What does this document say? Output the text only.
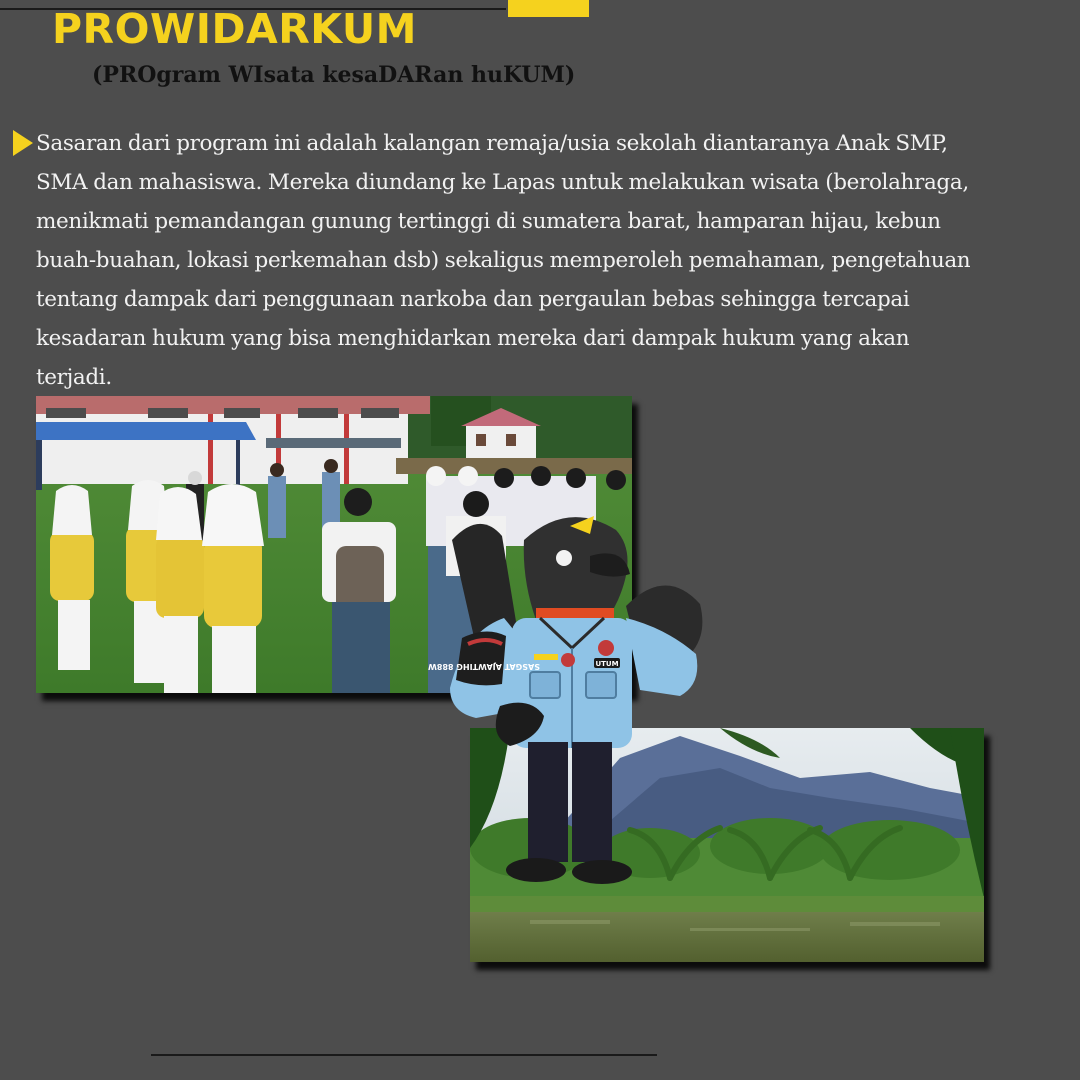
PROWIDARKUM
(PROgram WIsata kesaDARan huKUM)

Sasaran dari program ini adalah kalangan remaja/usia sekolah diantaranya Anak SMP, SMA dan mahasiswa. Mereka diundang ke Lapas untuk melakukan wisata (berolahraga, menikmati pemandangan gunung tertinggi di sumatera barat, hamparan hijau, kebun buah-buahan, lokasi perkemahan dsb) sekaligus memperoleh pemahaman, pengetahuan tentang dampak dari penggunaan narkoba dan pergaulan bebas sehingga tercapai kesadaran hukum yang bisa menghidarkan mereka dari dampak hukum yang akan terjadi.

UTUM
SASGAT AJAWTIHG 888W
